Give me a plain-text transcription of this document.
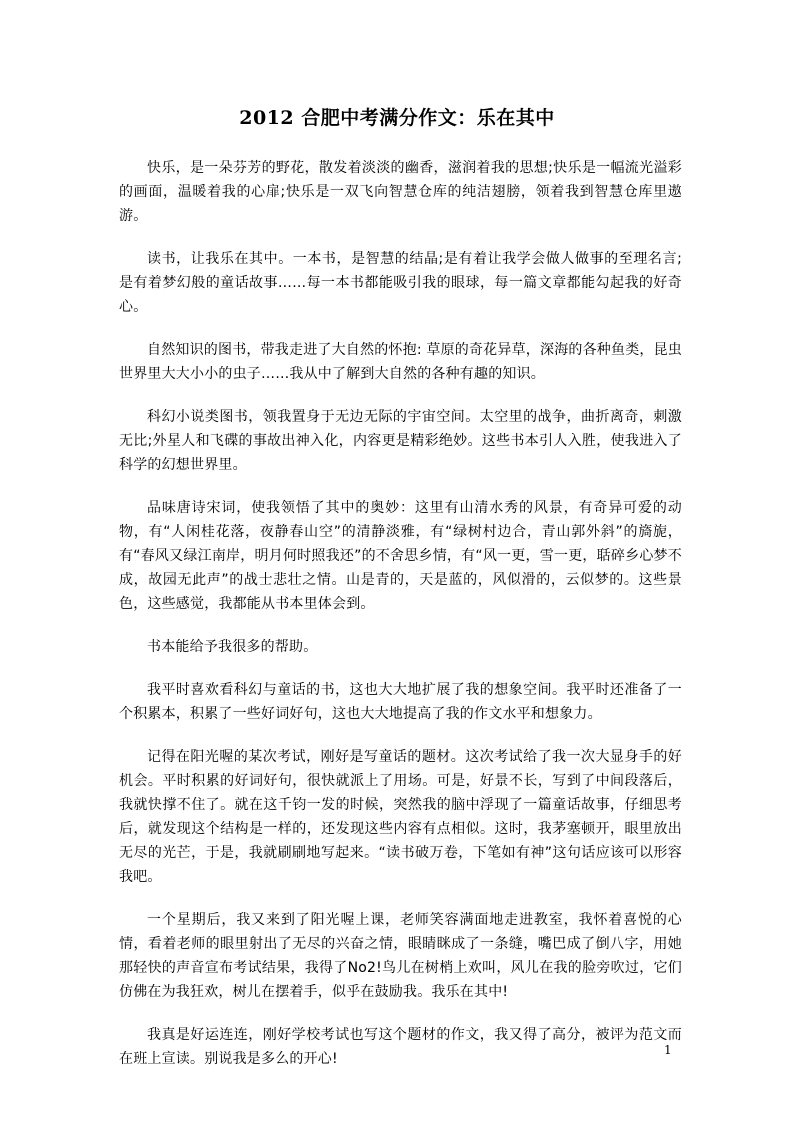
2012 合肥中考满分作文：乐在其中

快乐，是一朵芬芳的野花，散发着淡淡的幽香，滋润着我的思想;快乐是一幅流光溢彩的画面，温暖着我的心扉;快乐是一双飞向智慧仓库的纯洁翅膀，领着我到智慧仓库里遨游。

读书，让我乐在其中。一本书，是智慧的结晶;是有着让我学会做人做事的至理名言;是有着梦幻般的童话故事……每一本书都能吸引我的眼球，每一篇文章都能勾起我的好奇心。

自然知识的图书，带我走进了大自然的怀抱: 草原的奇花异草，深海的各种鱼类，昆虫世界里大大小小的虫子……我从中了解到大自然的各种有趣的知识。

科幻小说类图书，领我置身于无边无际的宇宙空间。太空里的战争，曲折离奇，刺激无比;外星人和飞碟的事故出神入化，内容更是精彩绝妙。这些书本引人入胜，使我进入了科学的幻想世界里。

品味唐诗宋词，使我领悟了其中的奥妙：这里有山清水秀的风景，有奇异可爱的动物，有“人闲桂花落，夜静春山空”的清静淡雅，有“绿树村边合，青山郭外斜”的旖旎，有“春风又绿江南岸，明月何时照我还”的不舍思乡情，有“风一更，雪一更，聒碎乡心梦不成，故园无此声”的战士悲壮之情。山是青的，天是蓝的，风似滑的，云似梦的。这些景色，这些感觉，我都能从书本里体会到。

书本能给予我很多的帮助。

我平时喜欢看科幻与童话的书，这也大大地扩展了我的想象空间。我平时还准备了一个积累本，积累了一些好词好句，这也大大地提高了我的作文水平和想象力。

记得在阳光喔的某次考试，刚好是写童话的题材。这次考试给了我一次大显身手的好机会。平时积累的好词好句，很快就派上了用场。可是，好景不长，写到了中间段落后，我就快撑不住了。就在这千钧一发的时候，突然我的脑中浮现了一篇童话故事，仔细思考后，就发现这个结构是一样的，还发现这些内容有点相似。这时，我茅塞顿开，眼里放出无尽的光芒，于是，我就刷刷地写起来。“读书破万卷，下笔如有神”这句话应该可以形容我吧。

一个星期后，我又来到了阳光喔上课，老师笑容满面地走进教室，我怀着喜悦的心情，看着老师的眼里射出了无尽的兴奋之情，眼睛眯成了一条缝，嘴巴成了倒八字，用她那轻快的声音宣布考试结果，我得了No2!鸟儿在树梢上欢叫，风儿在我的脸旁吹过，它们仿佛在为我狂欢，树儿在摆着手，似乎在鼓励我。我乐在其中!

我真是好运连连，刚好学校考试也写这个题材的作文，我又得了高分，被评为范文而在班上宣读。别说我是多么的开心!

1
